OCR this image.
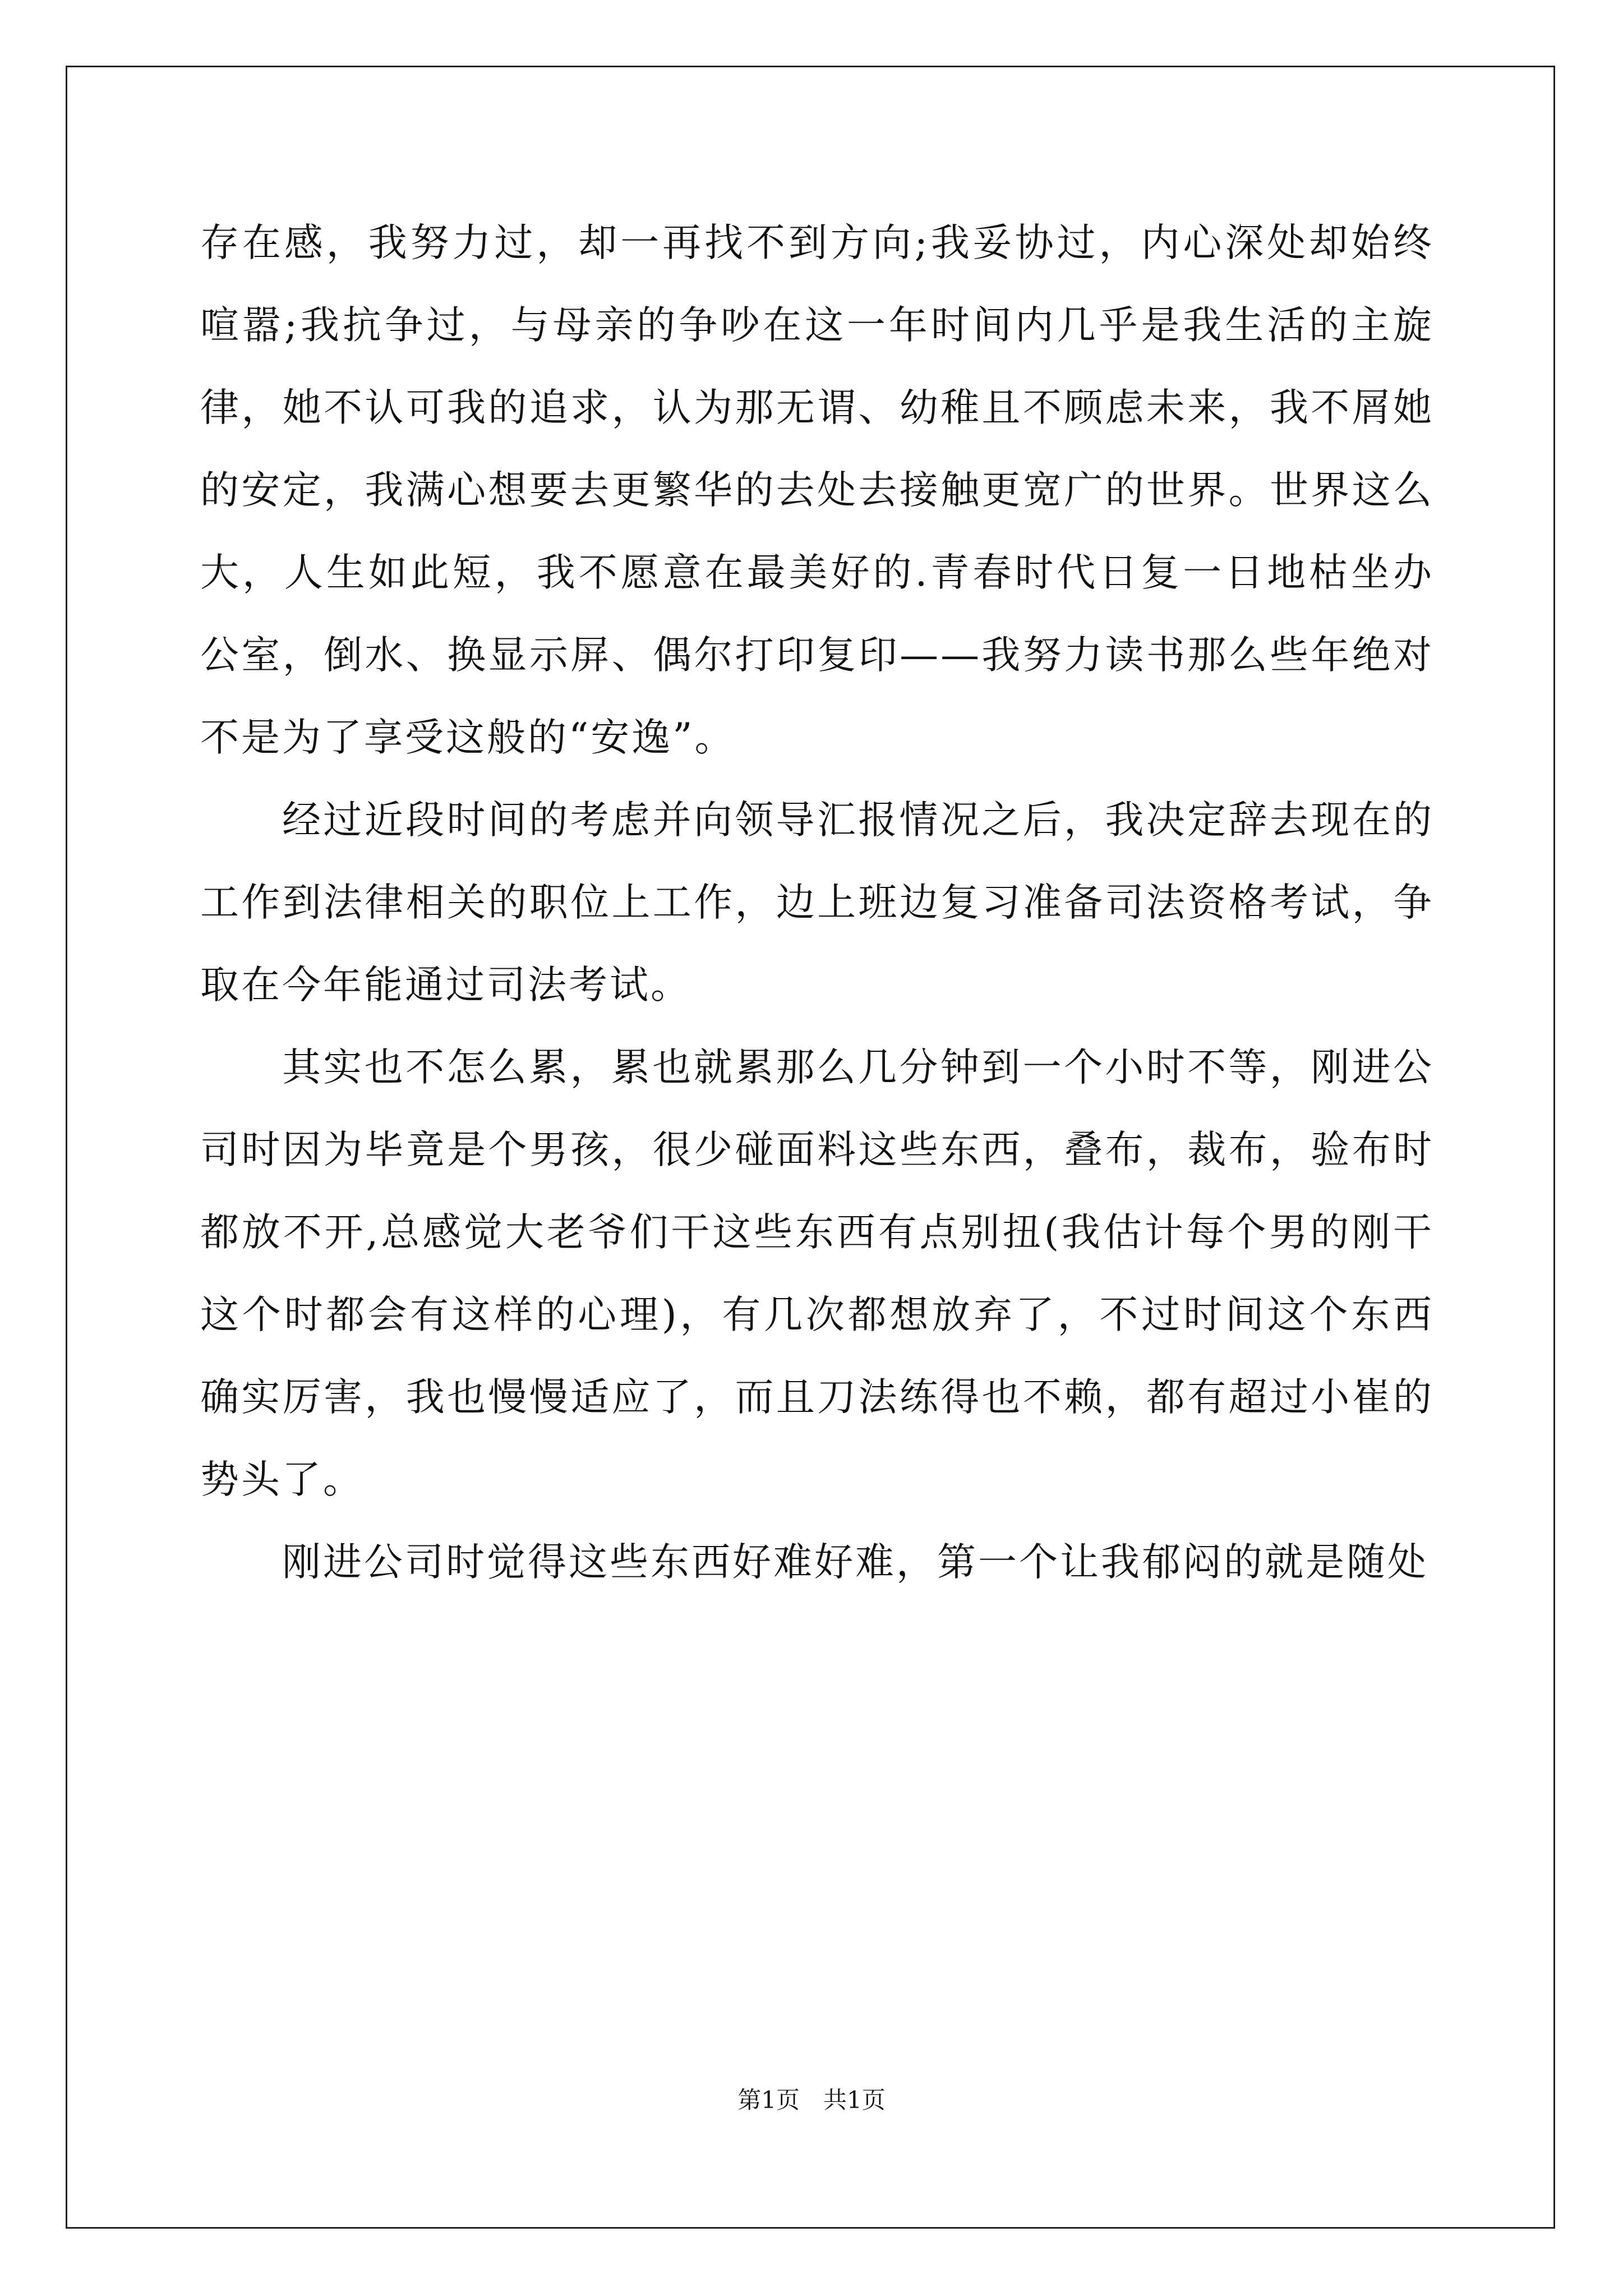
存在感，我努力过，却一再找不到方向;我妥协过，内心深处却始终喧嚣;我抗争过，与母亲的争吵在这一年时间内几乎是我生活的主旋律，她不认可我的追求，认为那无谓、幼稚且不顾虑未来，我不屑她的安定，我满心想要去更繁华的去处去接触更宽广的世界。世界这么大，人生如此短，我不愿意在最美好的.青春时代日复一日地枯坐办公室，倒水、换显示屏、偶尔打印复印——我努力读书那么些年绝对不是为了享受这般的“安逸”。

经过近段时间的考虑并向领导汇报情况之后，我决定辞去现在的工作到法律相关的职位上工作，边上班边复习准备司法资格考试，争取在今年能通过司法考试。

其实也不怎么累，累也就累那么几分钟到一个小时不等，刚进公司时因为毕竟是个男孩，很少碰面料这些东西，叠布，裁布，验布时都放不开,总感觉大老爷们干这些东西有点别扭(我估计每个男的刚干这个时都会有这样的心理)，有几次都想放弃了，不过时间这个东西确实厉害，我也慢慢适应了，而且刀法练得也不赖，都有超过小崔的势头了。

刚进公司时觉得这些东西好难好难，第一个让我郁闷的就是随处

第1页　共1页
